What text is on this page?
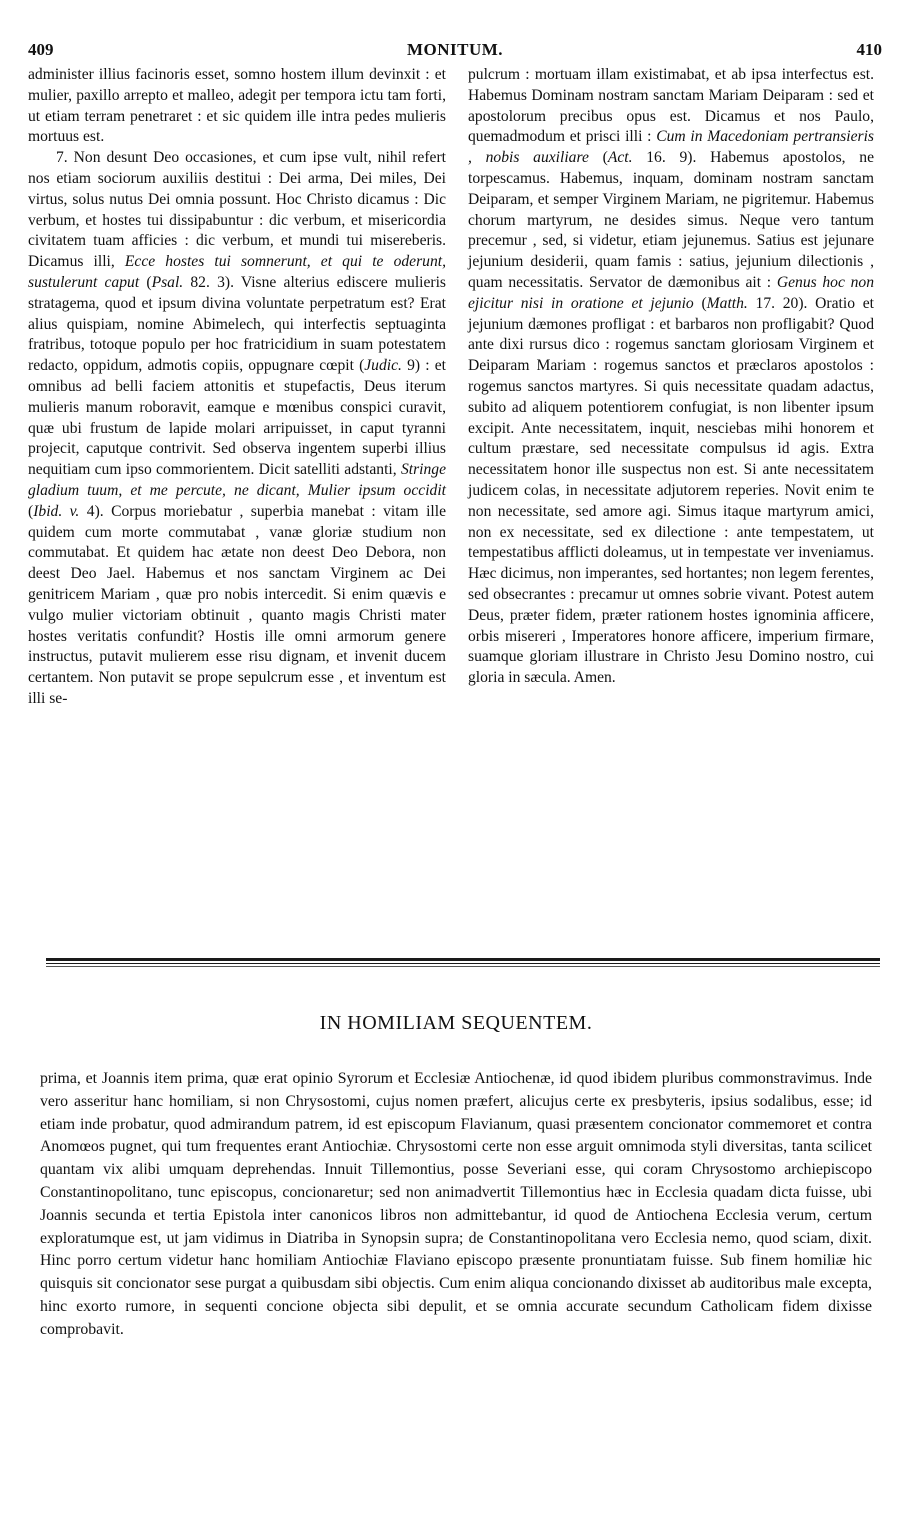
409	MONITUM.	410

administer illius facinoris esset, somno hostem illum devinxit : et mulier, paxillo arrepto et malleo, adegit per tempora ictu tam forti, ut etiam terram penetraret : et sic quidem ille intra pedes mulieris mortuus est.

7. Non desunt Deo occasiones, et cum ipse vult, nihil refert nos etiam sociorum auxiliis destitui : Dei arma, Dei miles, Dei virtus, solus nutus Dei omnia possunt. Hoc Christo dicamus : Dic verbum, et hostes tui dissipabuntur : dic verbum, et misericordia civitatem tuam afficies : dic verbum, et mundi tui misereberis. Dicamus illi, Ecce hostes tui somnerunt, et qui te oderunt, sustulerunt caput (Psal. 82. 3). Visne alterius ediscere mulieris stratagema, quod et ipsum divina voluntate perpetratum est? Erat alius quispiam, nomine Abimelech, qui interfectis septuaginta fratribus, totoque populo per hoc fratricidium in suam potestatem redacto, oppidum, admotis copiis, oppugnare cœpit (Judic. 9) : et omnibus ad belli faciem attonitis et stupefactis, Deus iterum mulieris manum roboravit, eamque e mœnibus conspici curavit, quæ ubi frustum de lapide molari arripuisset, in caput tyranni projecit, caputque contrivit. Sed observa ingentem superbi illius nequitiam cum ipso commorientem. Dicit satelliti adstanti, Stringe gladium tuum, et me percute, ne dicant, Mulier ipsum occidit (Ibid. v. 4). Corpus moriebatur , superbia manebat : vitam ille quidem cum morte commutabat , vanæ gloriæ studium non commutabat. Et quidem hac ætate non deest Deo Debora, non deest Deo Jael. Habemus et nos sanctam Virginem ac Dei genitricem Mariam , quæ pro nobis intercedit. Si enim quævis e vulgo mulier victoriam obtinuit , quanto magis Christi mater hostes veritatis confundit? Hostis ille omni armorum genere instructus, putavit mulierem esse risu dignam, et invenit ducem certantem. Non putavit se prope sepulcrum esse , et inventum est illi se-

pulcrum : mortuam illam existimabat, et ab ipsa interfectus est. Habemus Dominam nostram sanctam Mariam Deiparam : sed et apostolorum precibus opus est. Dicamus et nos Paulo, quemadmodum et prisci illi : Cum in Macedoniam pertransieris , nobis auxiliare (Act. 16. 9). Habemus apostolos, ne torpescamus. Habemus, inquam, dominam nostram sanctam Deiparam, et semper Virginem Mariam, ne pigritemur. Habemus chorum martyrum, ne desides simus. Neque vero tantum precemur , sed, si videtur, etiam jejunemus. Satius est jejunare jejunium desiderii, quam famis : satius, jejunium dilectionis , quam necessitatis. Servator de dæmonibus ait : Genus hoc non ejicitur nisi in oratione et jejunio (Matth. 17. 20). Oratio et jejunium dæmones profligat : et barbaros non profligabit? Quod ante dixi rursus dico : rogemus sanctam gloriosam Virginem et Deiparam Mariam : rogemus sanctos et præclaros apostolos : rogemus sanctos martyres. Si quis necessitate quadam adactus, subito ad aliquem potentiorem confugiat, is non libenter ipsum excipit. Ante necessitatem, inquit, nesciebas mihi honorem et cultum præstare, sed necessitate compulsus id agis. Extra necessitatem honor ille suspectus non est. Si ante necessitatem judicem colas, in necessitate adjutorem reperies. Novit enim te non necessitate, sed amore agi. Simus itaque martyrum amici, non ex necessitate, sed ex dilectione : ante tempestatem, ut tempestatibus afflicti doleamus, ut in tempestate ver inveniamus. Hæc dicimus, non imperantes, sed hortantes; non legem ferentes, sed obsecrantes : precamur ut omnes sobrie vivant. Potest autem Deus, præter fidem, præter rationem hostes ignominia afficere, orbis misereri , Imperatores honore afficere, imperium firmare, suamque gloriam illustrare in Christo Jesu Domino nostro, cui gloria in sæcula. Amen.

IN HOMILIAM SEQUENTEM.

prima, et Joannis item prima, quæ erat opinio Syrorum et Ecclesiæ Antiochenæ, id quod ibidem pluribus commonstravimus. Inde vero asseritur hanc homiliam, si non Chrysostomi, cujus nomen præfert, alicujus certe ex presbyteris, ipsius sodalibus, esse; id etiam inde probatur, quod admirandum patrem, id est episcopum Flavianum, quasi præsentem concionator commemoret et contra Anomœos pugnet, qui tum frequentes erant Antiochiæ. Chrysostomi certe non esse arguit omnimoda styli diversitas, tanta scilicet quantam vix alibi umquam deprehendas. Innuit Tillemontius, posse Severiani esse, qui coram Chrysostomo archiepiscopo Constantinopolitano, tunc episcopus, concionaretur; sed non animadvertit Tillemontius hæc in Ecclesia quadam dicta fuisse, ubi Joannis secunda et tertia Epistola inter canonicos libros non admittebantur, id quod de Antiochena Ecclesia verum, certum exploratumque est, ut jam vidimus in Diatriba in Synopsin supra; de Constantinopolitana vero Ecclesia nemo, quod sciam, dixit. Hinc porro certum videtur hanc homiliam Antiochiæ Flaviano episcopo præsente pronuntiatam fuisse. Sub finem homiliæ hic quisquis sit concionator sese purgat a quibusdam sibi objectis. Cum enim aliqua concionando dixisset ab auditoribus male excepta, hinc exorto rumore, in sequenti concione objecta sibi depulit, et se omnia accurate secundum Catholicam fidem dixisse comprobavit.
